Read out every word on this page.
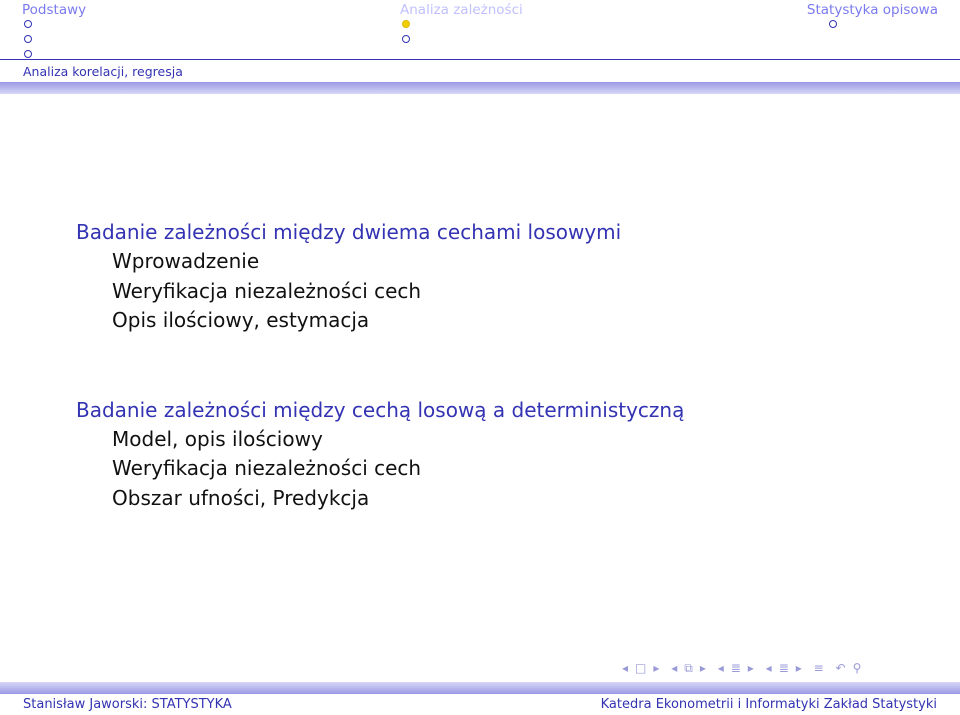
Podstawy	Analiza zależności	Statystyka opisowa
Analiza korelacji, regresja
Badanie zależności między dwiema cechami losowymi
Wprowadzenie
Weryfikacja niezależności cech
Opis ilościowy, estymacja
Badanie zależności między cechą losową a deterministyczną
Model, opis ilościowy
Weryfikacja niezależności cech
Obszar ufności, Predykcja
◂ □ ▸ ◂ ⧉ ▸ ◂ ≣ ▸ ◂ ≣ ▸ ≡ ↶ ⚲
Stanisław Jaworski: STATYSTYKA	Katedra Ekonometrii i Informatyki Zakład Statystyki
